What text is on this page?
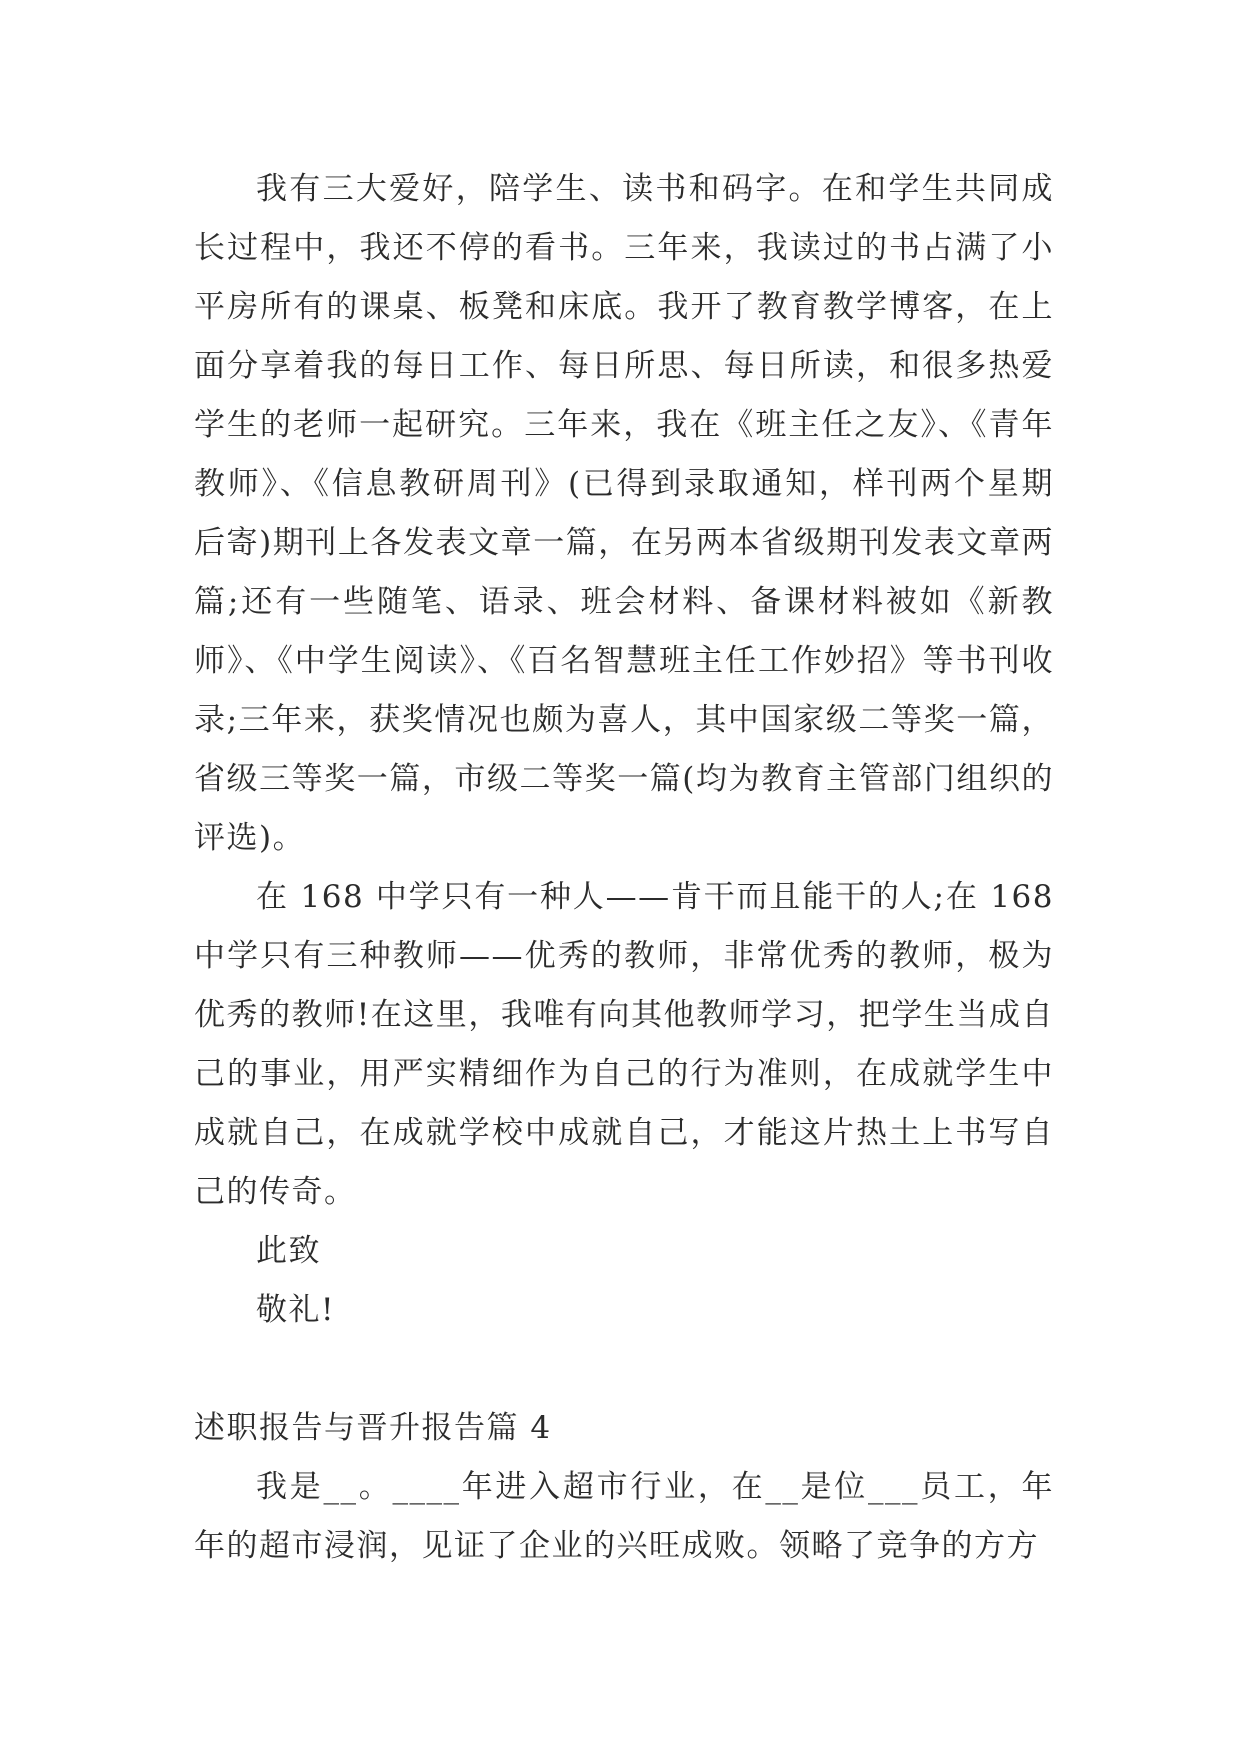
我有三大爱好，陪学生、读书和码字。在和学生共同成长过程中，我还不停的看书。三年来，我读过的书占满了小平房所有的课桌、板凳和床底。我开了教育教学博客，在上面分享着我的每日工作、每日所思、每日所读，和很多热爱学生的老师一起研究。三年来，我在《班主任之友》、《青年教师》、《信息教研周刊》(已得到录取通知，样刊两个星期后寄)期刊上各发表文章一篇，在另两本省级期刊发表文章两篇;还有一些随笔、语录、班会材料、备课材料被如《新教师》、《中学生阅读》、《百名智慧班主任工作妙招》等书刊收录;三年来，获奖情况也颇为喜人，其中国家级二等奖一篇，省级三等奖一篇，市级二等奖一篇(均为教育主管部门组织的评选)。

在 168 中学只有一种人——肯干而且能干的人;在 168 中学只有三种教师——优秀的教师，非常优秀的教师，极为优秀的教师!在这里，我唯有向其他教师学习，把学生当成自己的事业，用严实精细作为自己的行为准则，在成就学生中成就自己，在成就学校中成就自己，才能这片热土上书写自己的传奇。

此致

敬礼!

述职报告与晋升报告篇 4

我是__。____年进入超市行业，在__是位___员工，年年的超市浸润，见证了企业的兴旺成败。领略了竞争的方方
